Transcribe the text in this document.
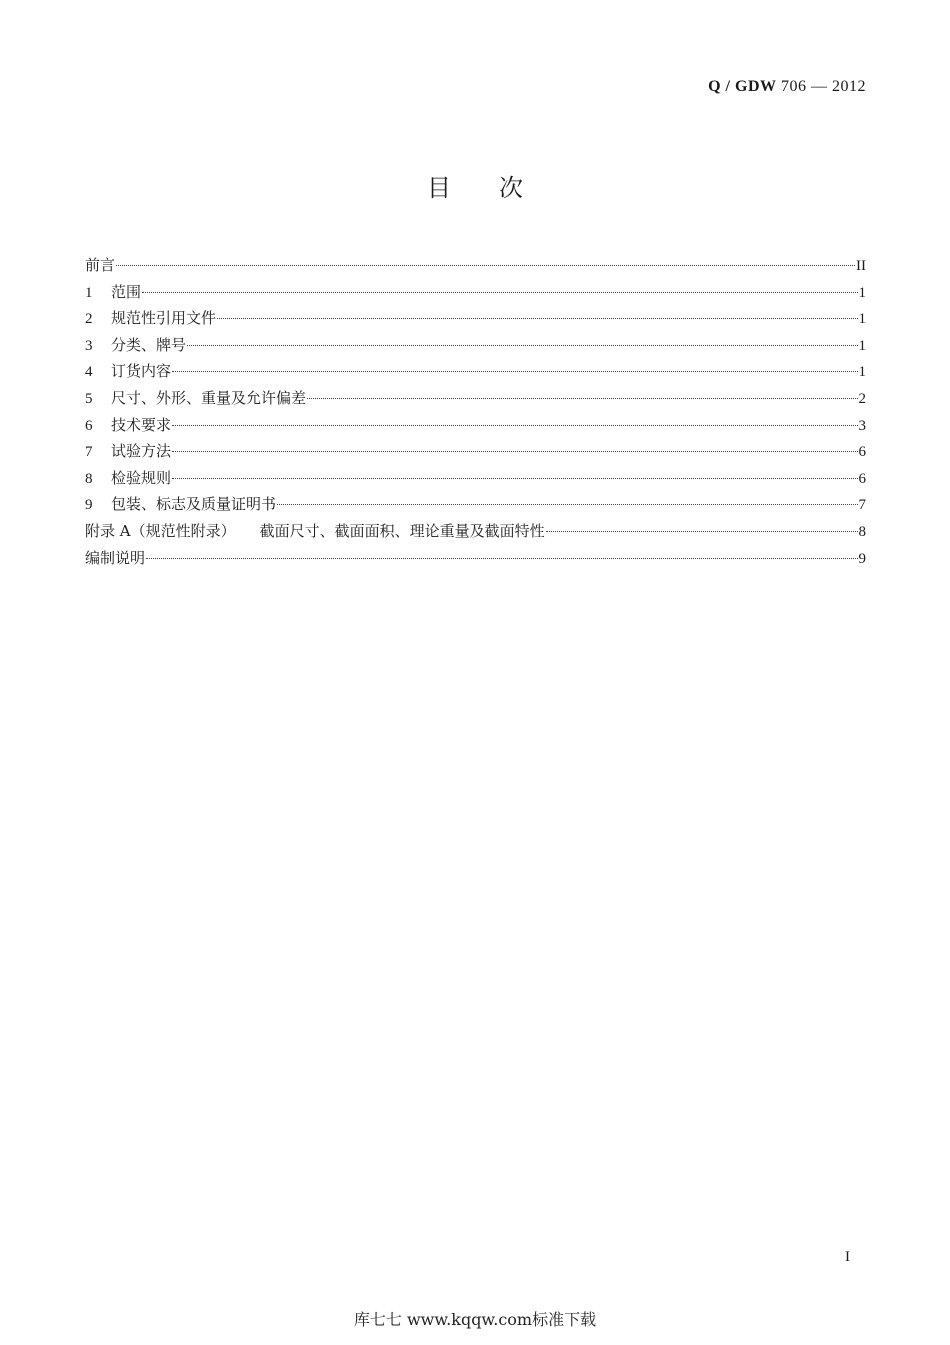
Q / GDW 706 — 2012
目次
前言	II
1	范围	1
2	规范性引用文件	1
3	分类、牌号	1
4	订货内容	1
5	尺寸、外形、重量及允许偏差	2
6	技术要求	3
7	试验方法	6
8	检验规则	6
9	包装、标志及质量证明书	7
附录 A（规范性附录） 截面尺寸、截面面积、理论重量及截面特性	8
编制说明	9
I
库七七 www.kqqw.com标准下载
